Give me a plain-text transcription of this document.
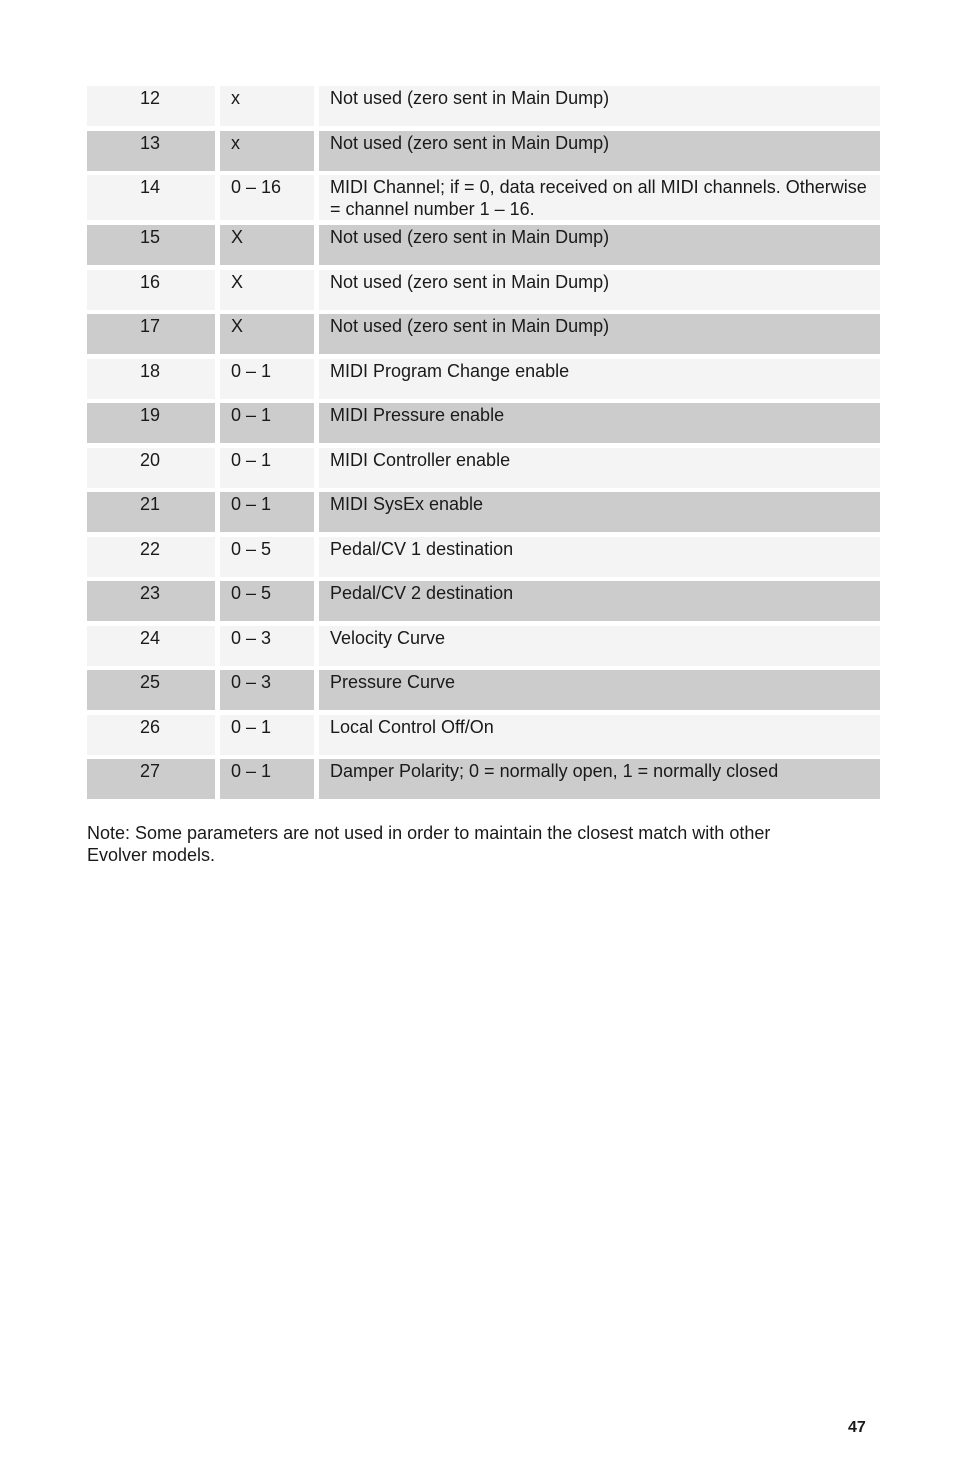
12	x	Not used (zero sent in Main Dump)
13	x	Not used (zero sent in Main Dump)
14	0 – 16	MIDI Channel; if = 0, data received on all MIDI channels. Otherwise = channel number 1 – 16.
15	X	Not used (zero sent in Main Dump)
16	X	Not used (zero sent in Main Dump)
17	X	Not used (zero sent in Main Dump)
18	0 – 1	MIDI Program Change enable
19	0 – 1	MIDI Pressure enable
20	0 – 1	MIDI Controller enable
21	0 – 1	MIDI SysEx enable
22	0 – 5	Pedal/CV 1 destination
23	0 – 5	Pedal/CV 2 destination
24	0 – 3	Velocity Curve
25	0 – 3	Pressure Curve
26	0 – 1	Local Control Off/On
27	0 – 1	Damper Polarity; 0 = normally open, 1 = normally closed

Note: Some parameters are not used in order to maintain the closest match with other
Evolver models.

47
